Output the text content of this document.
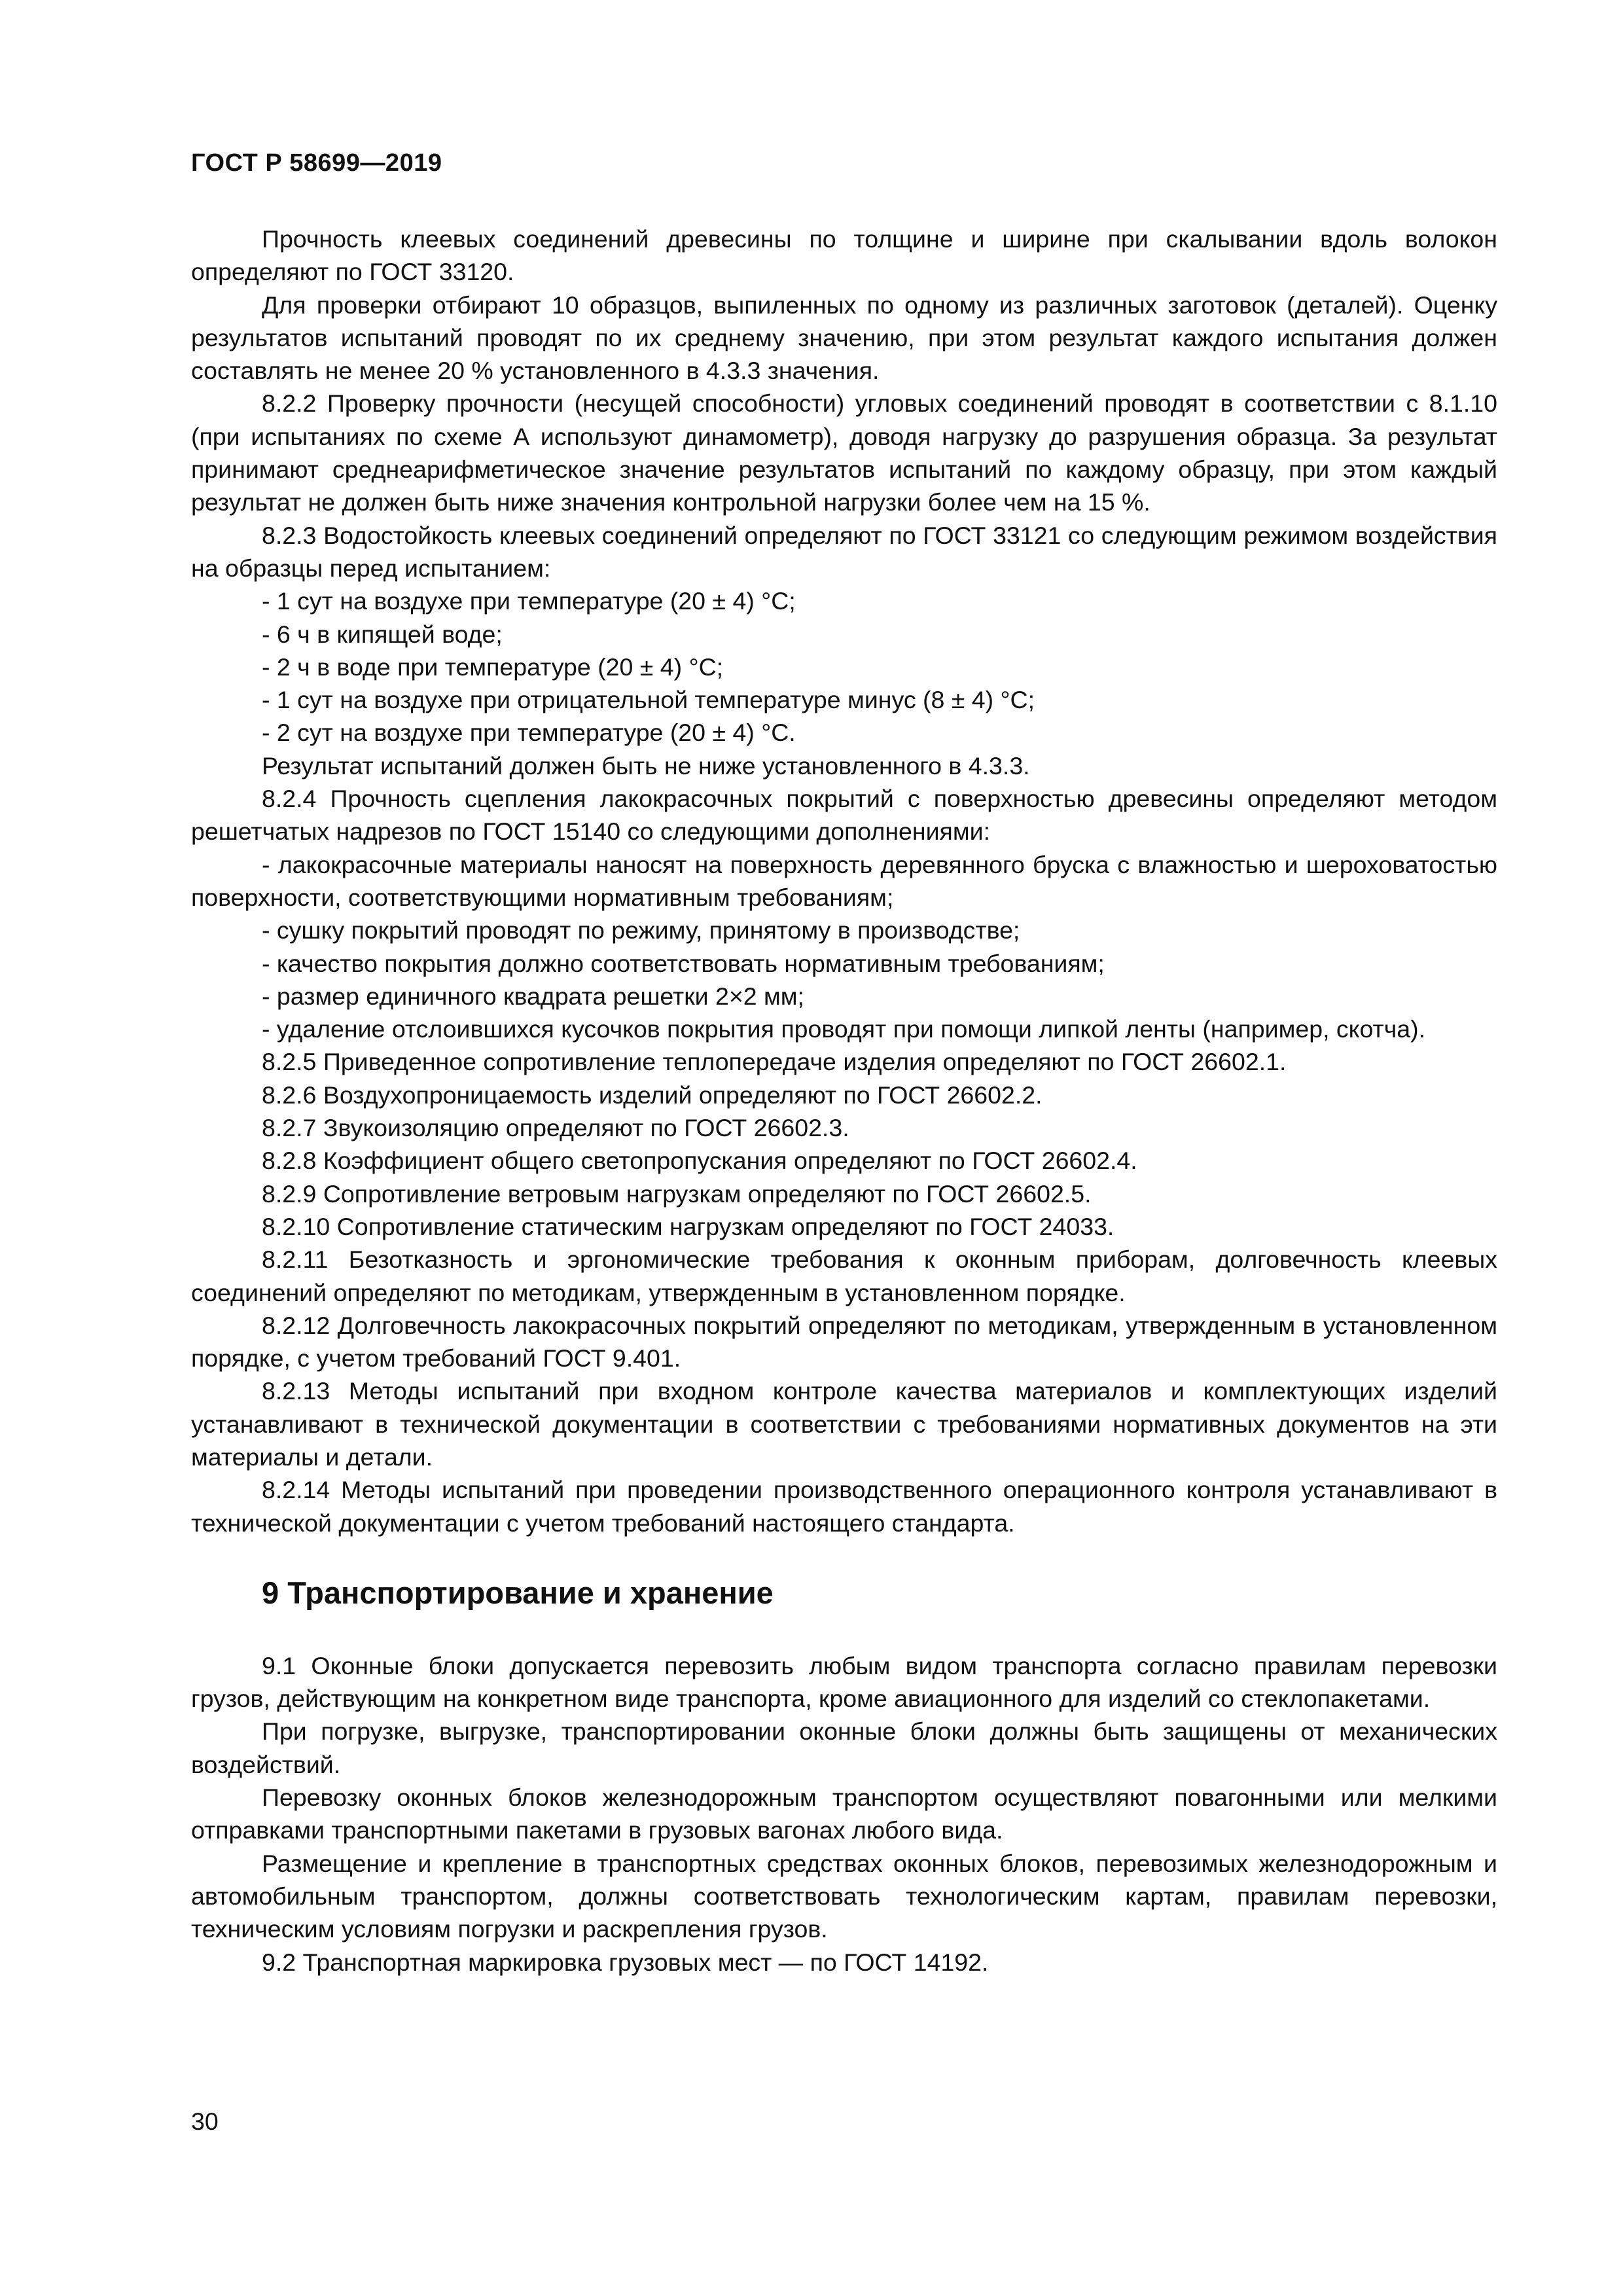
ГОСТ Р 58699—2019

Прочность клеевых соединений древесины по толщине и ширине при скалывании вдоль волокон определяют по ГОСТ 33120.

Для проверки отбирают 10 образцов, выпиленных по одному из различных заготовок (деталей). Оценку результатов испытаний проводят по их среднему значению, при этом результат каждого испытания должен составлять не менее 20 % установленного в 4.3.3 значения.

8.2.2 Проверку прочности (несущей способности) угловых соединений проводят в соответствии с 8.1.10 (при испытаниях по схеме А используют динамометр), доводя нагрузку до разрушения образца. За результат принимают среднеарифметическое значение результатов испытаний по каждому образцу, при этом каждый результат не должен быть ниже значения контрольной нагрузки более чем на 15 %.

8.2.3 Водостойкость клеевых соединений определяют по ГОСТ 33121 со следующим режимом воздействия на образцы перед испытанием:

- 1 сут на воздухе при температуре (20 ± 4) °С;

- 6 ч в кипящей воде;

- 2 ч в воде при температуре (20 ± 4) °С;

- 1 сут на воздухе при отрицательной температуре минус (8 ± 4) °С;

- 2 сут на воздухе при температуре (20 ± 4) °С.

Результат испытаний должен быть не ниже установленного в 4.3.3.

8.2.4 Прочность сцепления лакокрасочных покрытий с поверхностью древесины определяют методом решетчатых надрезов по ГОСТ 15140 со следующими дополнениями:

- лакокрасочные материалы наносят на поверхность деревянного бруска с влажностью и шероховатостью поверхности, соответствующими нормативным требованиям;

- сушку покрытий проводят по режиму, принятому в производстве;

- качество покрытия должно соответствовать нормативным требованиям;

- размер единичного квадрата решетки 2×2 мм;

- удаление отслоившихся кусочков покрытия проводят при помощи липкой ленты (например, скотча).

8.2.5 Приведенное сопротивление теплопередаче изделия определяют по ГОСТ 26602.1.

8.2.6 Воздухопроницаемость изделий определяют по ГОСТ 26602.2.

8.2.7 Звукоизоляцию определяют по ГОСТ 26602.3.

8.2.8 Коэффициент общего светопропускания определяют по ГОСТ 26602.4.

8.2.9 Сопротивление ветровым нагрузкам определяют по ГОСТ 26602.5.

8.2.10 Сопротивление статическим нагрузкам определяют по ГОСТ 24033.

8.2.11 Безотказность и эргономические требования к оконным приборам, долговечность клеевых соединений определяют по методикам, утвержденным в установленном порядке.

8.2.12 Долговечность лакокрасочных покрытий определяют по методикам, утвержденным в установленном порядке, с учетом требований ГОСТ 9.401.

8.2.13 Методы испытаний при входном контроле качества материалов и комплектующих изделий устанавливают в технической документации в соответствии с требованиями нормативных документов на эти материалы и детали.

8.2.14 Методы испытаний при проведении производственного операционного контроля устанавливают в технической документации с учетом требований настоящего стандарта.

9 Транспортирование и хранение

9.1 Оконные блоки допускается перевозить любым видом транспорта согласно правилам перевозки грузов, действующим на конкретном виде транспорта, кроме авиационного для изделий со стеклопакетами.

При погрузке, выгрузке, транспортировании оконные блоки должны быть защищены от механических воздействий.

Перевозку оконных блоков железнодорожным транспортом осуществляют повагонными или мелкими отправками транспортными пакетами в грузовых вагонах любого вида.

Размещение и крепление в транспортных средствах оконных блоков, перевозимых железнодорожным и автомобильным транспортом, должны соответствовать технологическим картам, правилам перевозки, техническим условиям погрузки и раскрепления грузов.

9.2 Транспортная маркировка грузовых мест — по ГОСТ 14192.

30
